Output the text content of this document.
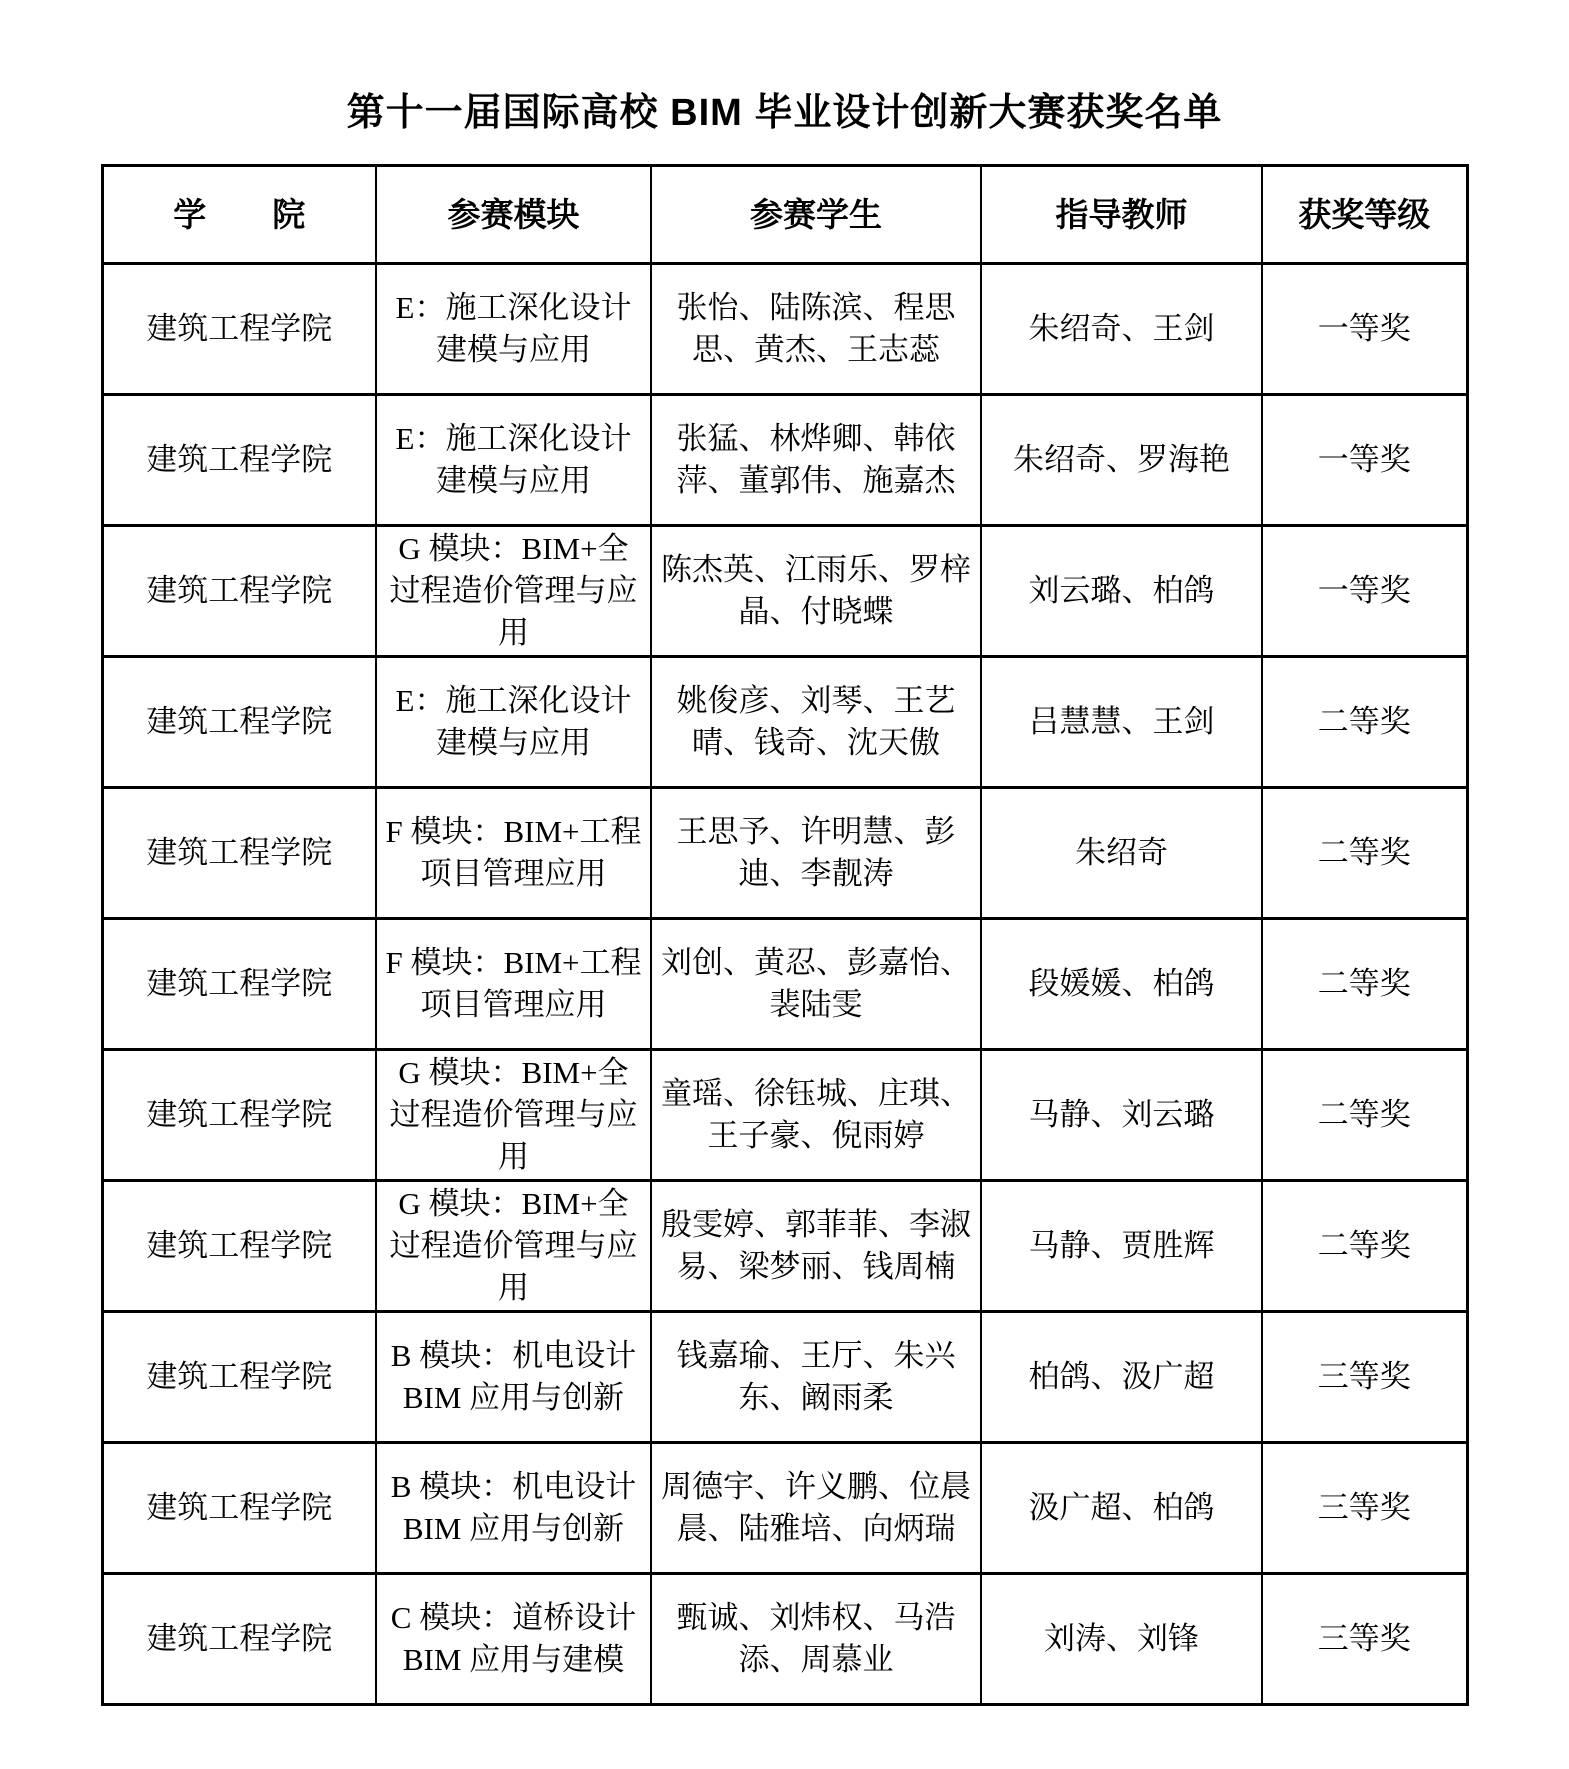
第十一届国际高校 BIM 毕业设计创新大赛获奖名单
学　　院	参赛模块	参赛学生	指导教师	获奖等级
建筑工程学院	E：施工深化设计建模与应用	张怡、陆陈滨、程思思、黄杰、王志蕊	朱绍奇、王剑	一等奖
建筑工程学院	E：施工深化设计建模与应用	张猛、林烨卿、韩依萍、董郭伟、施嘉杰	朱绍奇、罗海艳	一等奖
建筑工程学院	G 模块：BIM+全过程造价管理与应用	陈杰英、江雨乐、罗梓晶、付晓蝶	刘云璐、柏鸽	一等奖
建筑工程学院	E：施工深化设计建模与应用	姚俊彦、刘琴、王艺晴、钱奇、沈天傲	吕慧慧、王剑	二等奖
建筑工程学院	F 模块：BIM+工程项目管理应用	王思予、许明慧、彭迪、李靓涛	朱绍奇	二等奖
建筑工程学院	F 模块：BIM+工程项目管理应用	刘创、黄忍、彭嘉怡、裴陆雯	段媛媛、柏鸽	二等奖
建筑工程学院	G 模块：BIM+全过程造价管理与应用	童瑶、徐钰城、庄琪、王子豪、倪雨婷	马静、刘云璐	二等奖
建筑工程学院	G 模块：BIM+全过程造价管理与应用	殷雯婷、郭菲菲、李淑易、梁梦丽、钱周楠	马静、贾胜辉	二等奖
建筑工程学院	B 模块：机电设计 BIM 应用与创新	钱嘉瑜、王厅、朱兴东、阚雨柔	柏鸽、汲广超	三等奖
建筑工程学院	B 模块：机电设计 BIM 应用与创新	周德宇、许义鹏、位晨晨、陆雅培、向炳瑞	汲广超、柏鸽	三等奖
建筑工程学院	C 模块：道桥设计 BIM 应用与建模	甄诚、刘炜权、马浩添、周慕业	刘涛、刘锋	三等奖
